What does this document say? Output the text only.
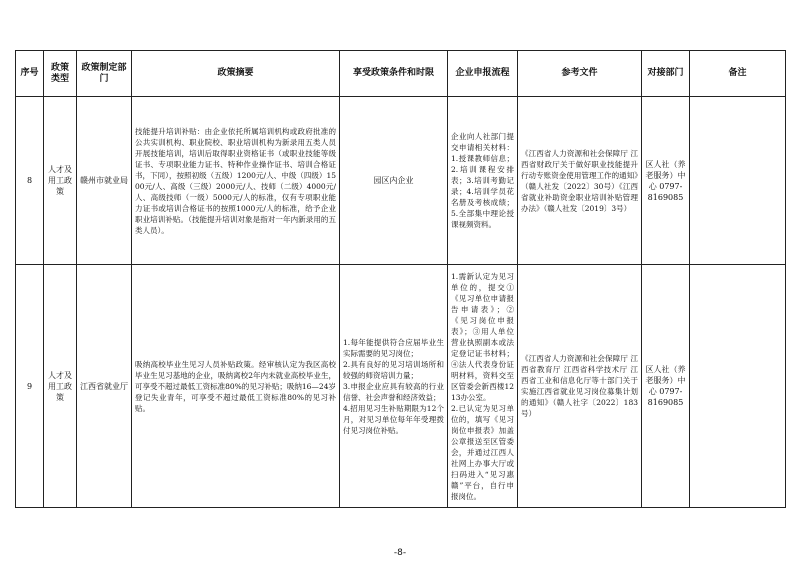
序号	政策类型	政策制定部门	政策摘要	享受政策条件和时限	企业申报流程	参考文件	对接部门	备注
8	人才及用工政策	赣州市就业局	技能提升培训补贴：由企业依托所属培训机构或政府批准的公共实训机构、职业院校、职业培训机构为新录用五类人员开展技能培训，培训后取得职业资格证书（或职业技能等级证书、专项职业能力证书、特种作业操作证书、培训合格证书，下同），按照初级（五级）1200元/人、中级（四级）1500元/人、高级（三级）2000元/人、技师（二级）4000元/人、高级技师（一级）5000元/人的标准，仅有专项职业能力证书或培训合格证书的按照1000元/人的标准，给予企业职业培训补贴。（技能提升培训对象是指对一年内新录用的五类人员）。	园区内企业	企业向人社部门提交申请相关材料：1.授课教师信息；2.培训课程安排表；3.培训考勤记录；4.培训学员花名册及考核成绩；5.全部集中理论授课视频资料。	《江西省人力资源和社会保障厅 江西省财政厅关于做好职业技能提升行动专账资金使用管理工作的通知》（赣人社发〔2022〕30号）《江西省就业补助资金职业培训补贴管理办法》（赣人社发〔2019〕3号）	区人社（养老服务）中心 0797-8169085	
9	人才及用工政策	江西省就业厅	吸纳高校毕业生见习人员补贴政策。经审核认定为我区高校毕业生见习基地的企业，吸纳离校2年内未就业高校毕业生，可享受不超过最低工资标准80%的见习补贴；吸纳16—24岁登记失业青年，可享受不超过最低工资标准80%的见习补贴。	1.每年能提供符合应届毕业生实际需要的见习岗位；
2.具有良好的见习培训场所和较强的师资培训力量；
3.申报企业应具有较高的行业信誉、社会声誉和经济效益；
4.招用见习生补贴期限为12个月，对见习单位每年年受理拨付见习岗位补贴。	1.需新认定为见习单位的，提交①《见习单位申请报告申请表》；②《见习岗位申报表》；③用人单位营业执照副本或法定登记证书材料；④法人代表身份证明材料，资料交至区管委会新西楼1213办公室。
2.已认定为见习单位的，填写《见习岗位申报表》加盖公章报送至区管委会，并通过江西人社网上办事大厅或扫码进入“见习惠赣”平台，自行申报岗位。	《江西省人力资源和社会保障厅 江西省教育厅 江西省科学技术厅 江西省工业和信息化厅等十部门关于实施江西省就业见习岗位募集计划的通知》（赣人社字〔2022〕183号）	区人社（养老服务）中心 0797-8169085	
-8-
